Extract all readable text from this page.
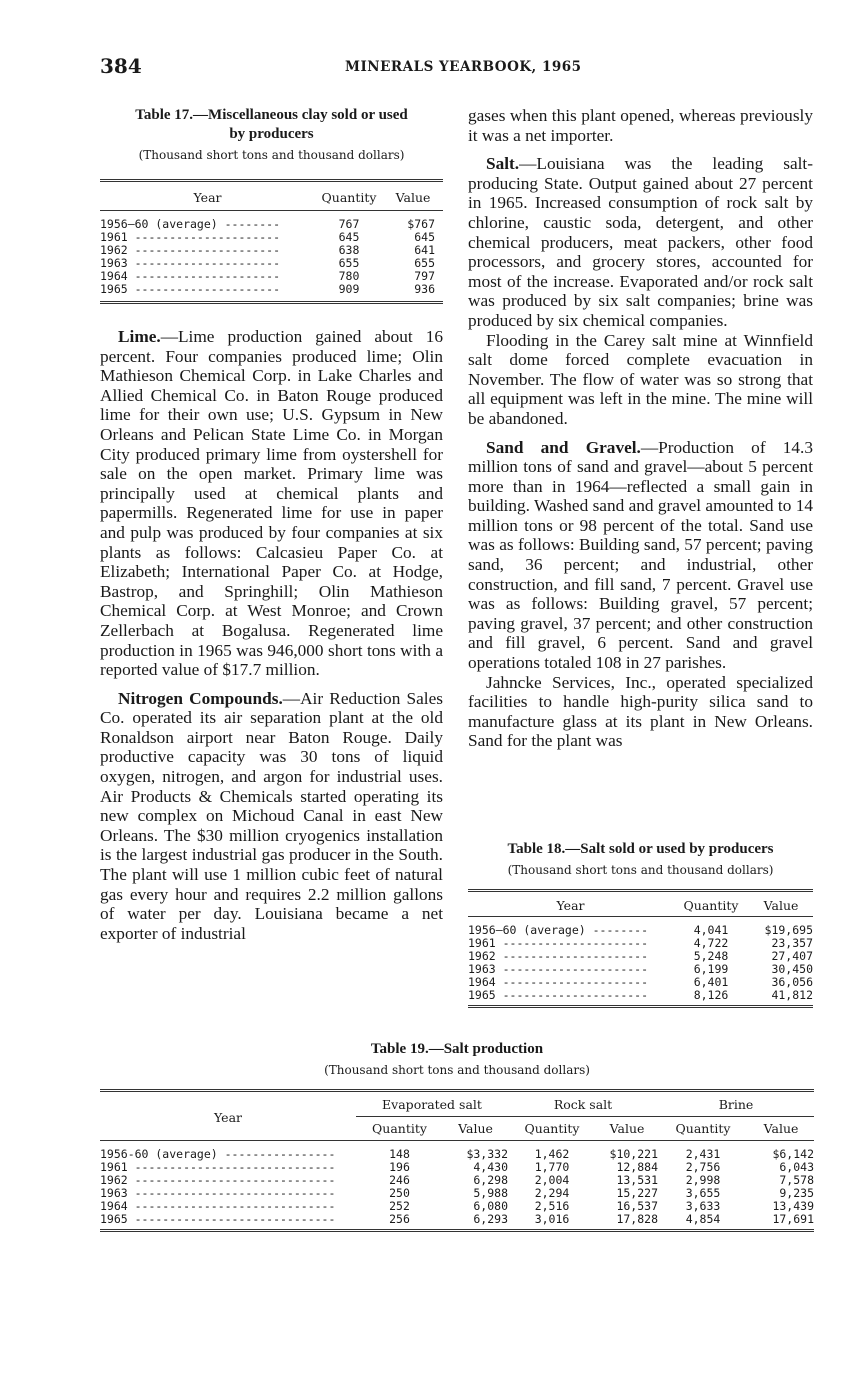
384	MINERALS YEARBOOK, 1965
Table 17.—Miscellaneous clay sold or used
by producers
(Thousand short tons and thousand dollars)
Year	Quantity	Value
1956–60 (average) --------	767	$767
1961 ---------------------	645	645
1962 ---------------------	638	641
1963 ---------------------	655	655
1964 ---------------------	780	797
1965 ---------------------	909	936

Lime.—Lime production gained about 16 percent. Four companies produced lime; Olin Mathieson Chemical Corp. in Lake Charles and Allied Chemical Co. in Baton Rouge produced lime for their own use; U.S. Gypsum in New Orleans and Pelican State Lime Co. in Morgan City produced primary lime from oystershell for sale on the open market. Primary lime was principally used at chemical plants and papermills. Regenerated lime for use in paper and pulp was produced by four companies at six plants as follows: Calcasieu Paper Co. at Elizabeth; International Paper Co. at Hodge, Bastrop, and Springhill; Olin Mathieson Chemical Corp. at West Monroe; and Crown Zellerbach at Bogalusa. Regenerated lime production in 1965 was 946,000 short tons with a reported value of $17.7 million.

Nitrogen Compounds.—Air Reduction Sales Co. operated its air separation plant at the old Ronaldson airport near Baton Rouge. Daily productive capacity was 30 tons of liquid oxygen, nitrogen, and argon for industrial uses. Air Products & Chemicals started operating its new complex on Michoud Canal in east New Orleans. The $30 million cryogenics installation is the largest industrial gas producer in the South. The plant will use 1 million cubic feet of natural gas every hour and requires 2.2 million gallons of water per day. Louisiana became a net exporter of industrial

gases when this plant opened, whereas previously it was a net importer.

Salt.—Louisiana was the leading salt-producing State. Output gained about 27 percent in 1965. Increased consumption of rock salt by chlorine, caustic soda, detergent, and other chemical producers, meat packers, other food processors, and grocery stores, accounted for most of the increase. Evaporated and/or rock salt was produced by six salt companies; brine was produced by six chemical companies.

Flooding in the Carey salt mine at Winnfield salt dome forced complete evacuation in November. The flow of water was so strong that all equipment was left in the mine. The mine will be abandoned.

Sand and Gravel.—Production of 14.3 million tons of sand and gravel—about 5 percent more than in 1964—reflected a small gain in building. Washed sand and gravel amounted to 14 million tons or 98 percent of the total. Sand use was as follows: Building sand, 57 percent; paving sand, 36 percent; and industrial, other construction, and fill sand, 7 percent. Gravel use was as follows: Building gravel, 57 percent; paving gravel, 37 percent; and other construction and fill gravel, 6 percent. Sand and gravel operations totaled 108 in 27 parishes.

Jahncke Services, Inc., operated specialized facilities to handle high-purity silica sand to manufacture glass at its plant in New Orleans. Sand for the plant was

Table 18.—Salt sold or used by producers
(Thousand short tons and thousand dollars)
Year	Quantity	Value
1956–60 (average) --------	4,041	$19,695
1961 ---------------------	4,722	23,357
1962 ---------------------	5,248	27,407
1963 ---------------------	6,199	30,450
1964 ---------------------	6,401	36,056
1965 ---------------------	8,126	41,812
Table 19.—Salt production
(Thousand short tons and thousand dollars)
Year	Evaporated salt		Rock salt		Brine	
	Quantity	Value	Quantity	Value	Quantity	Value
1956-60 (average) ----------------	148	$3,332	1,462	$10,221	2,431	$6,142
1961 -----------------------------	196	4,430	1,770	12,884	2,756	6,043
1962 -----------------------------	246	6,298	2,004	13,531	2,998	7,578
1963 -----------------------------	250	5,988	2,294	15,227	3,655	9,235
1964 -----------------------------	252	6,080	2,516	16,537	3,633	13,439
1965 -----------------------------	256	6,293	3,016	17,828	4,854	17,691
